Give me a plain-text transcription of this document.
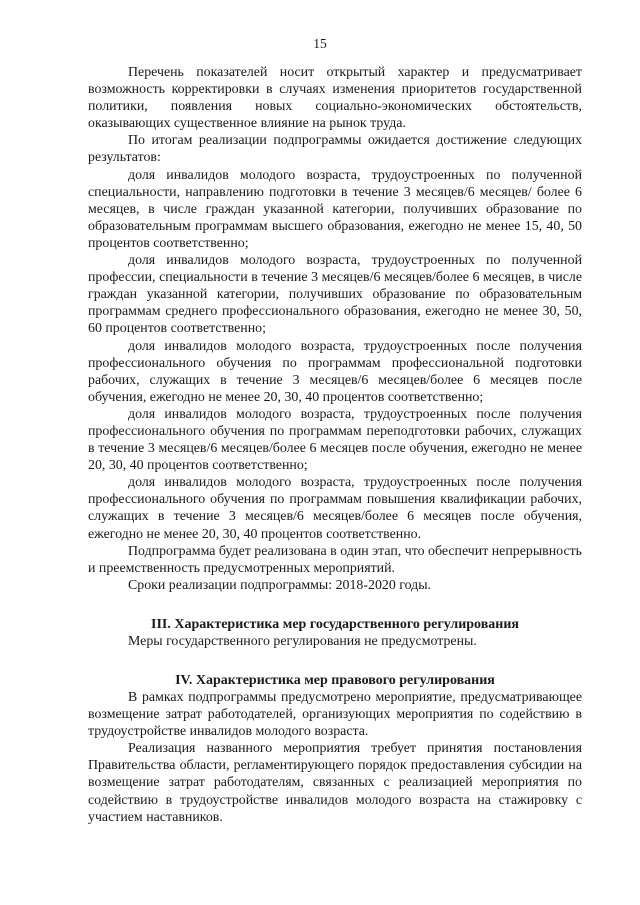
15

Перечень показателей носит открытый характер и предусматривает возможность корректировки в случаях изменения приоритетов государственной политики, появления новых социально-экономических обстоятельств, оказывающих существенное влияние на рынок труда.

По итогам реализации подпрограммы ожидается достижение следующих результатов:

доля инвалидов молодого возраста, трудоустроенных по полученной специальности, направлению подготовки в течение 3 месяцев/6 месяцев/ более 6 месяцев, в числе граждан указанной категории, получивших образование по образовательным программам высшего образования, ежегодно не менее 15, 40, 50 процентов соответственно;

доля инвалидов молодого возраста, трудоустроенных по полученной профессии, специальности в течение 3 месяцев/6 месяцев/более 6 месяцев, в числе граждан указанной категории, получивших образование по образовательным программам среднего профессионального образования, ежегодно не менее 30, 50, 60 процентов соответственно;

доля инвалидов молодого возраста, трудоустроенных после получения профессионального обучения по программам профессиональной подготовки рабочих, служащих в течение 3 месяцев/6 месяцев/более 6 месяцев после обучения, ежегодно не менее 20, 30, 40 процентов соответственно;

доля инвалидов молодого возраста, трудоустроенных после получения профессионального обучения по программам переподготовки рабочих, служащих в течение 3 месяцев/6 месяцев/более 6 месяцев после обучения, ежегодно не менее 20, 30, 40 процентов соответственно;

доля инвалидов молодого возраста, трудоустроенных после получения профессионального обучения по программам повышения квалификации рабочих, служащих в течение 3 месяцев/6 месяцев/более 6 месяцев после обучения, ежегодно не менее 20, 30, 40 процентов соответственно.

Подпрограмма будет реализована в один этап, что обеспечит непрерывность и преемственность предусмотренных мероприятий.

Сроки реализации подпрограммы: 2018-2020 годы.

III. Характеристика мер государственного регулирования

Меры государственного регулирования не предусмотрены.

IV. Характеристика мер правового регулирования

В рамках подпрограммы предусмотрено мероприятие, предусматривающее возмещение затрат работодателей, организующих мероприятия по содействию в трудоустройстве инвалидов молодого возраста.

Реализация названного мероприятия требует принятия постановления Правительства области, регламентирующего порядок предоставления субсидии на возмещение затрат работодателям, связанных с реализацией мероприятия по содействию в трудоустройстве инвалидов молодого возраста на стажировку с участием наставников.
